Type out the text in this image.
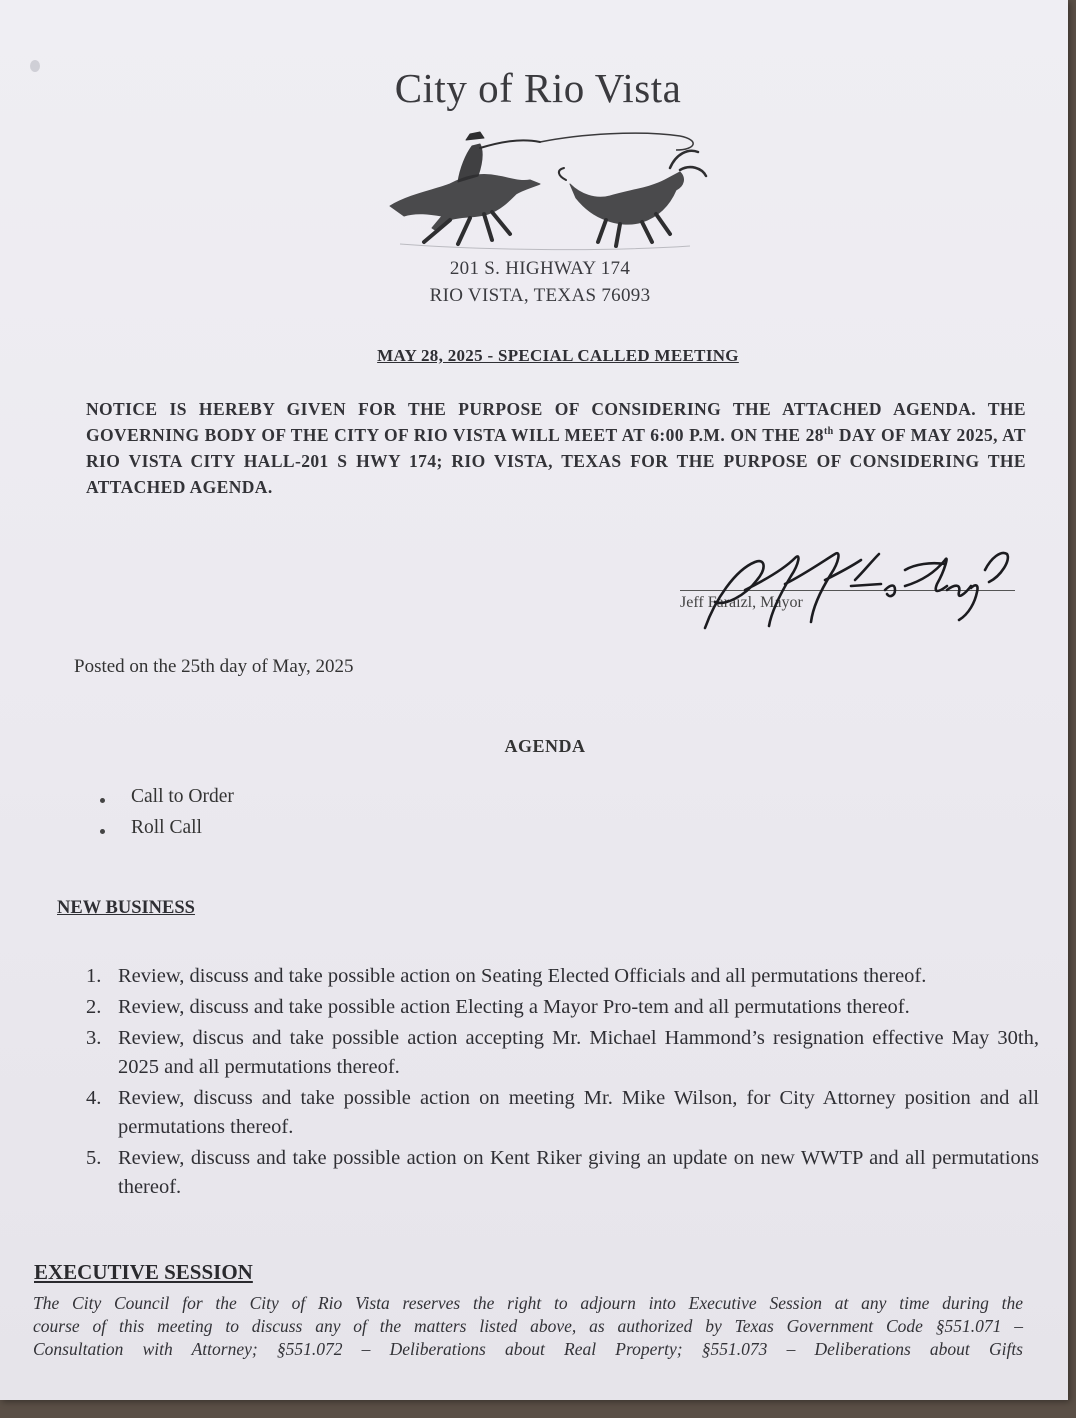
City of Rio Vista
201 S. HIGHWAY 174
RIO VISTA, TEXAS 76093
MAY 28, 2025 - SPECIAL CALLED MEETING
NOTICE IS HEREBY GIVEN FOR THE PURPOSE OF CONSIDERING THE ATTACHED AGENDA. THE GOVERNING BODY OF THE CITY OF RIO VISTA WILL MEET AT 6:00 P.M. ON THE 28th DAY OF MAY 2025, AT RIO VISTA CITY HALL-201 S HWY 174; RIO VISTA, TEXAS FOR THE PURPOSE OF CONSIDERING THE ATTACHED AGENDA.
Jeff Faraizl, Mayor
Posted on the 25th day of May, 2025
AGENDA
Call to Order
Roll Call
NEW BUSINESS
1. Review, discuss and take possible action on Seating Elected Officials and all permutations thereof.
2. Review, discuss and take possible action Electing a Mayor Pro-tem and all permutations thereof.
3. Review, discus and take possible action accepting Mr. Michael Hammond’s resignation effective May 30th, 2025 and all permutations thereof.
4. Review, discuss and take possible action on meeting Mr. Mike Wilson, for City Attorney position and all permutations thereof.
5. Review, discuss and take possible action on Kent Riker giving an update on new WWTP and all permutations thereof.
EXECUTIVE SESSION
The City Council for the City of Rio Vista reserves the right to adjourn into Executive Session at any time during the
course of this meeting to discuss any of the matters listed above, as authorized by Texas Government Code §551.071 –
Consultation with Attorney; §551.072 – Deliberations about Real Property; §551.073 – Deliberations about Gifts
